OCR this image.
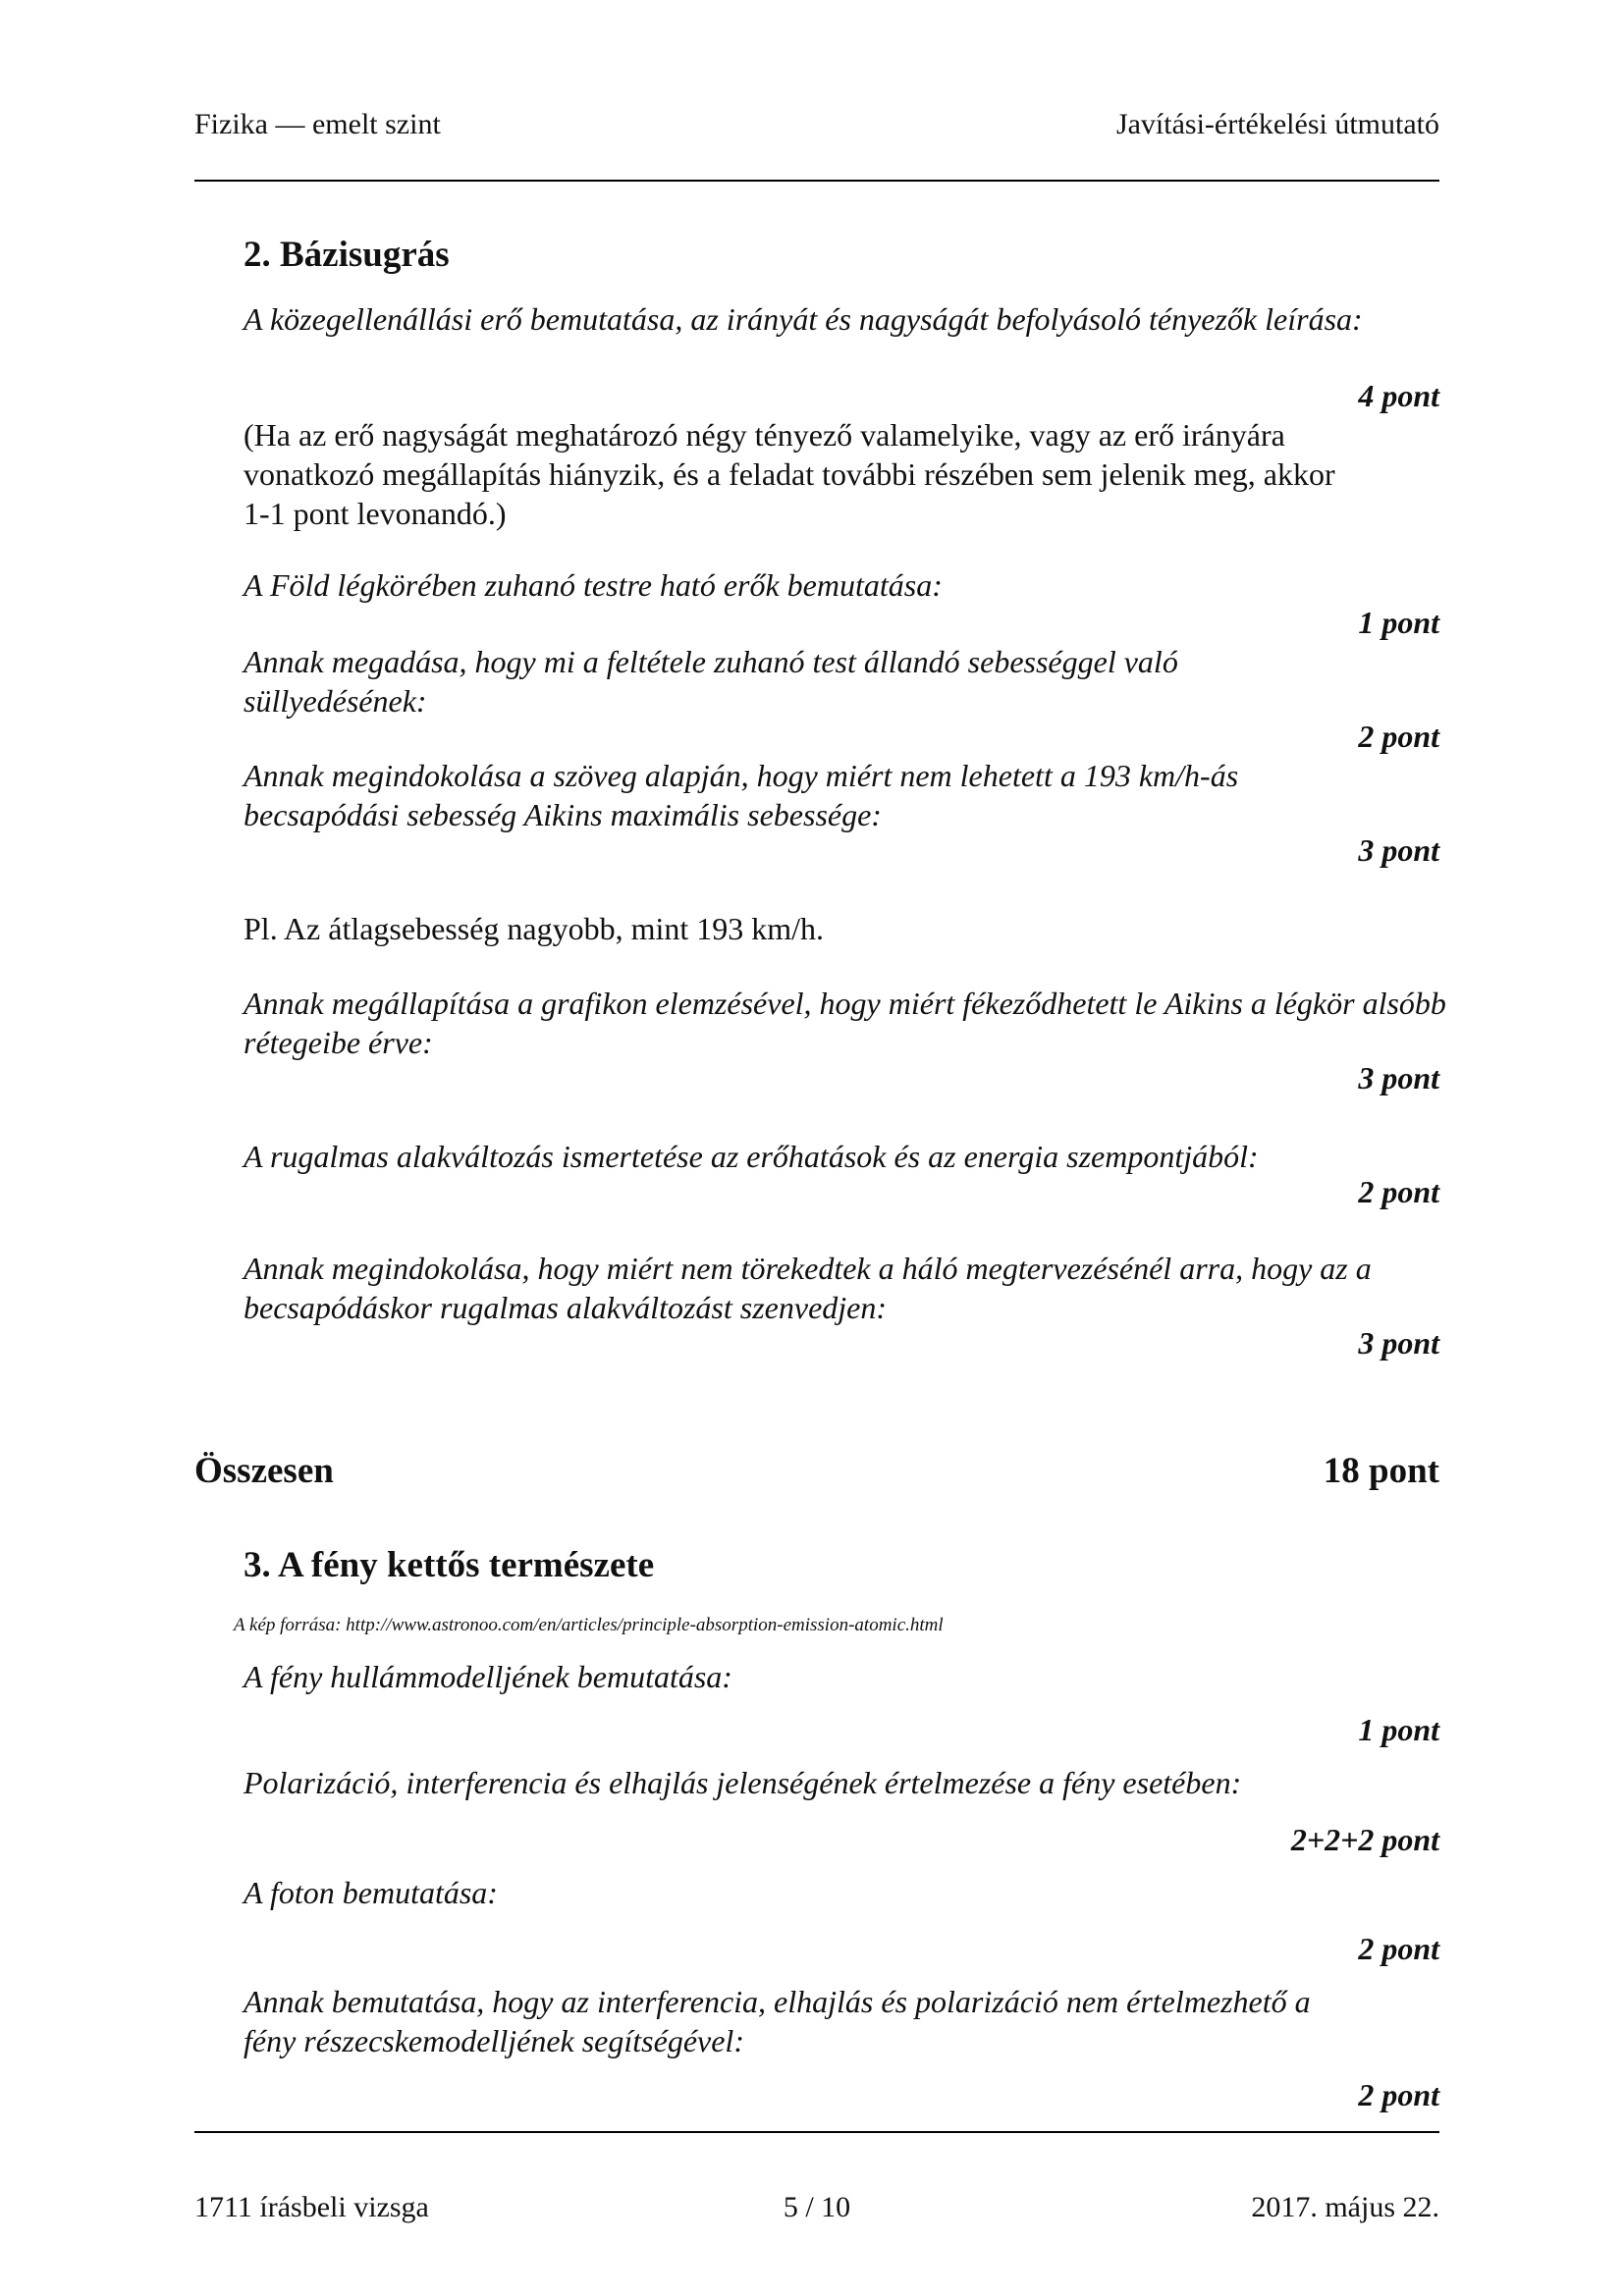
Fizika — emelt szint	Javítási-értékelési útmutató
2. Bázisugrás
A közegellenállási erő bemutatása, az irányát és nagyságát befolyásoló tényezők leírása:
4 pont
(Ha az erő nagyságát meghatározó négy tényező valamelyike, vagy az erő irányára vonatkozó megállapítás hiányzik, és a feladat további részében sem jelenik meg, akkor 1-1 pont levonandó.)
A Föld légkörében zuhanó testre ható erők bemutatása:
1 pont
Annak megadása, hogy mi a feltétele zuhanó test állandó sebességgel való süllyedésének:
2 pont
Annak megindokolása a szöveg alapján, hogy miért nem lehetett a 193 km/h-ás becsapódási sebesség Aikins maximális sebessége:
3 pont
Pl. Az átlagsebesség nagyobb, mint 193 km/h.
Annak megállapítása a grafikon elemzésével, hogy miért fékeződhetett le Aikins a légkör alsóbb rétegeibe érve:
3 pont
A rugalmas alakváltozás ismertetése az erőhatások és az energia szempontjából:
2 pont
Annak megindokolása, hogy miért nem törekedtek a háló megtervezésénél arra, hogy az a becsapódáskor rugalmas alakváltozást szenvedjen:
3 pont
Összesen	18 pont
3. A fény kettős természete
A kép forrása: http://www.astronoo.com/en/articles/principle-absorption-emission-atomic.html
A fény hullámmodelljének bemutatása:
1 pont
Polarizáció, interferencia és elhajlás jelenségének értelmezése a fény esetében:
2+2+2 pont
A foton bemutatása:
2 pont
Annak bemutatása, hogy az interferencia, elhajlás és polarizáció nem értelmezhető a fény részecskemodelljének segítségével:
2 pont
1711 írásbeli vizsga	5 / 10	2017. május 22.
